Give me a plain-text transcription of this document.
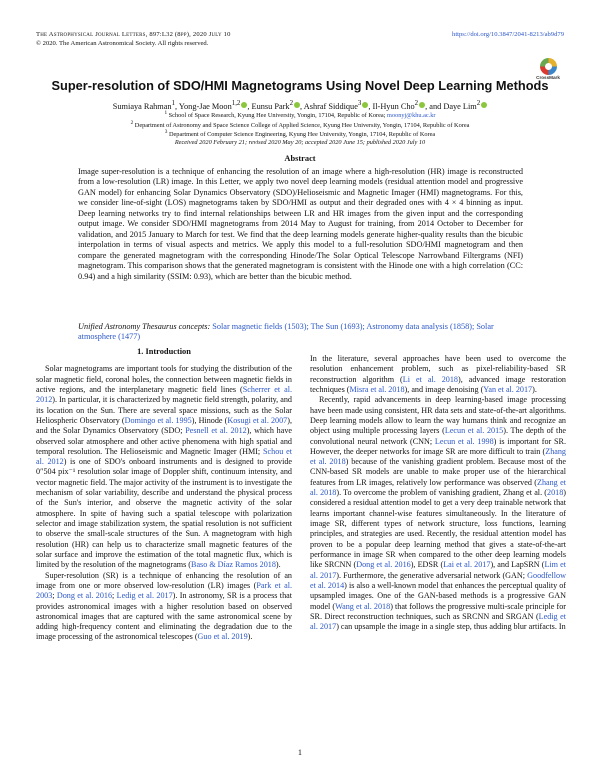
The Astrophysical Journal Letters, 897:L32 (8pp), 2020 July 10	https://doi.org/10.3847/2041-8213/ab9d79
© 2020. The American Astronomical Society. All rights reserved.
CrossMark
Super-resolution of SDO/HMI Magnetograms Using Novel Deep Learning Methods
Sumiaya Rahman$^1$, Yong-Jae Moon$^{1,2}$ , Eunsu Park$^2$ , Ashraf Siddique$^3$ , Il-Hyun Cho$^2$ , and Daye Lim$^2$
$^1$ School of Space Research, Kyung Hee University, Yongin, 17104, Republic of Korea; moonyj@khu.ac.kr
$^2$ Department of Astronomy and Space Science College of Applied Science, Kyung Hee University, Yongin, 17104, Republic of Korea
$^3$ Department of Computer Science Engineering, Kyung Hee University, Yongin, 17104, Republic of Korea
Received 2020 February 21; revised 2020 May 20; accepted 2020 June 15; published 2020 July 10
Abstract
Image super-resolution is a technique of enhancing the resolution of an image where a high-resolution (HR) image is reconstructed from a low-resolution (LR) image. In this Letter, we apply two novel deep learning models (residual attention model and progressive GAN model) for enhancing Solar Dynamics Observatory (SDO)/Helioseismic and Magnetic Imager (HMI) magnetograms. For this, we consider line-of-sight (LOS) magnetograms taken by SDO/HMI as output and their degraded ones with 4 × 4 binning as input. Deep learning networks try to find internal relationships between LR and HR images from the given input and the corresponding output image. We consider SDO/HMI magnetograms from 2014 May to August for training, from 2014 October to December for validation, and 2015 January to March for test. We find that the deep learning models generate higher-quality results than the bicubic interpolation in terms of visual aspects and metrics. We apply this model to a full-resolution SDO/HMI magnetogram and then compare the generated magnetogram with the corresponding Hinode/The Solar Optical Telescope Narrowband Filtergrams (NFI) magnetogram. This comparison shows that the generated magnetogram is consistent with the Hinode one with a high correlation (CC: 0.94) and a high similarity (SSIM: 0.93), which are better than the bicubic method.
Unified Astronomy Thesaurus concepts: Solar magnetic fields (1503); The Sun (1693); Astronomy data analysis (1858); Solar atmosphere (1477)
1. Introduction

Solar magnetograms are important tools for studying the distribution of the solar magnetic field, coronal holes, the connection between magnetic fields in active regions, and the interplanetary magnetic field lines (Scherrer et al. 2012). In particular, it is characterized by magnetic field strength, polarity, and its location on the Sun. There are several space missions, such as the Solar Heliospheric Observatory (Domingo et al. 1995), Hinode (Kosugi et al. 2007), and the Solar Dynamics Observatory (SDO; Pesnell et al. 2012), which have observed solar atmosphere and other active phenomena with high spatial and temporal resolution. The Helioseismic and Magnetic Imager (HMI; Schou et al. 2012) is one of SDO's onboard instruments and is designed to provide 0″504 pix⁻¹ resolution solar image of Doppler shift, continuum intensity, and vector magnetic field. The major activity of the instrument is to investigate the mechanism of solar variability, describe and understand the physical process of the Sun's interior, and observe the magnetic activity of the solar atmosphere. In spite of having such a spatial telescope with polarization selector and image stabilization system, the spatial resolution is not sufficient to observe the small-scale structures of the Sun. A magnetogram with high resolution (HR) can help us to characterize small magnetic features of the solar surface and improve the estimation of the total magnetic flux, which is limited by the resolution of the magnetograms (Baso & Díaz Ramos 2018).

Super-resolution (SR) is a technique of enhancing the resolution of an image from one or more observed low-resolution (LR) images (Park et al. 2003; Dong et al. 2016; Ledig et al. 2017). In astronomy, SR is a process that provides astronomical images with a higher resolution based on observed astronomical images that are captured with the same astronomical scene by adding high-frequency content and eliminating the degradation due to the image processing of the astronomical telescopes (Guo et al. 2019).

In the literature, several approaches have been used to overcome the resolution enhancement problem, such as pixel-reliability-based SR reconstruction algorithm (Li et al. 2018), advanced image restoration techniques (Misra et al. 2018), and image denoising (Yan et al. 2017).

Recently, rapid advancements in deep learning-based image processing have been made using consistent, HR data sets and state-of-the-art algorithms. Deep learning models allow to learn the way humans think and recognize an object using multiple processing layers (Lecun et al. 2015). The depth of the convolutional neural network (CNN; Lecun et al. 1998) is important for SR. However, the deeper networks for image SR are more difficult to train (Zhang et al. 2018) because of the vanishing gradient problem. Because most of the CNN-based SR models are unable to make proper use of the hierarchical features from LR images, relatively low performance was observed (Zhang et al. 2018). To overcome the problem of vanishing gradient, Zhang et al. (2018) considered a residual attention model to get a very deep trainable network that learns important channel-wise features simultaneously. In the literature of image SR, different types of network structure, loss functions, learning principles, and strategies are used. Recently, the residual attention model has proven to be a popular deep learning method that gives a state-of-the-art performance in image SR when compared to the other deep learning models like SRCNN (Dong et al. 2016), EDSR (Lai et al. 2017), and LapSRN (Lim et al. 2017). Furthermore, the generative adversarial network (GAN; Goodfellow et al. 2014) is also a well-known model that enhances the perceptual quality of upsampled images. One of the GAN-based methods is a progressive GAN model (Wang et al. 2018) that follows the progressive multi-scale principle for SR. Direct reconstruction techniques, such as SRCNN and SRGAN (Ledig et al. 2017) can upsample the image in a single step, thus adding blur artifacts. In

1
